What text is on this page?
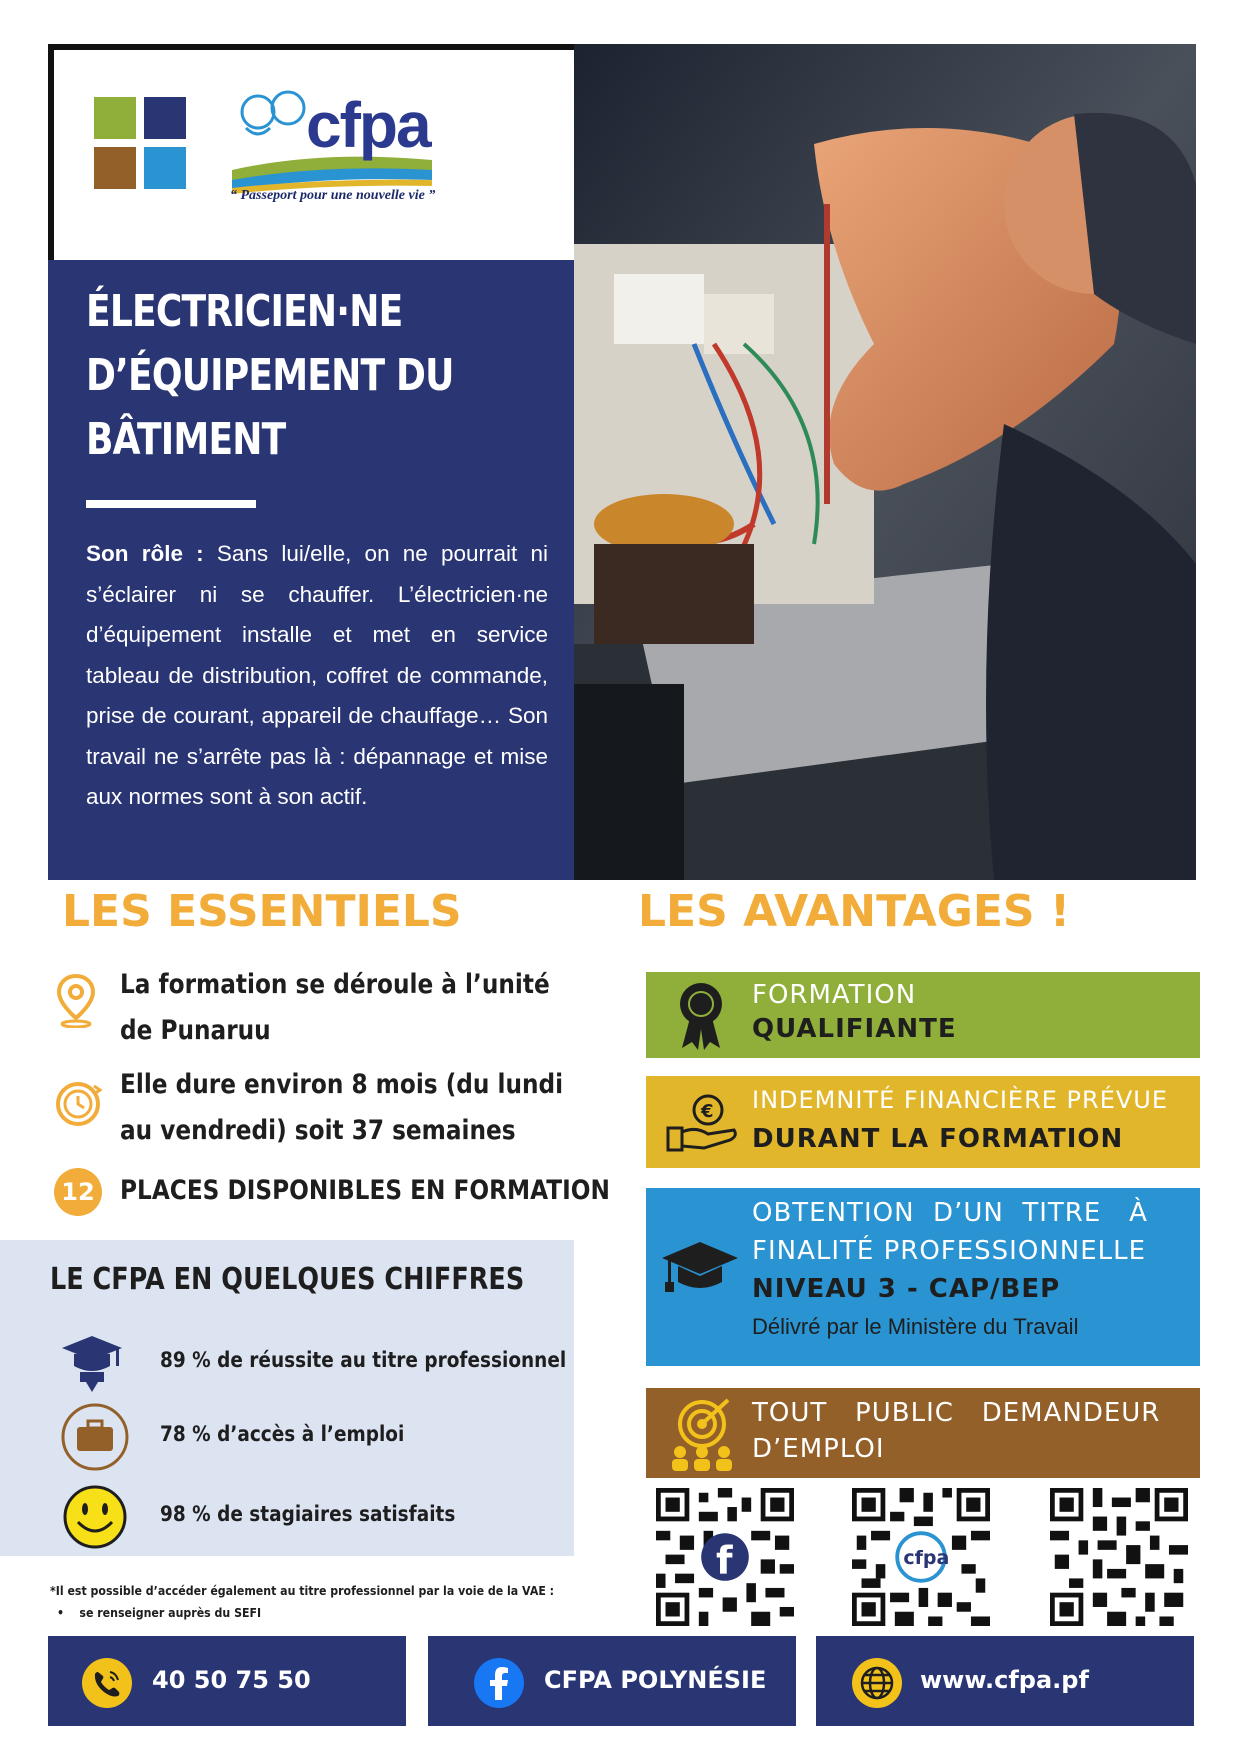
cfpa
“ Passeport pour une nouvelle vie ”
ÉLECTRICIEN·NE
D’ÉQUIPEMENT DU
BÂTIMENT
Son rôle : Sans lui/elle, on ne pourrait ni s’éclairer ni se chauffer. L’électricien·ne d’équipement installe et met en service tableau de distribution, coffret de commande, prise de courant, appareil de chauffage… Son travail ne s’arrête pas là : dépannage et mise aux normes sont à son actif.
LES ESSENTIELS
La formation se déroule à l’unité de Punaruu
Elle dure environ 8 mois (du lundi au vendredi) soit 37 semaines
12 PLACES DISPONIBLES EN FORMATION
LE CFPA EN QUELQUES CHIFFRES
89 % de réussite au titre professionnel
78 % d’accès à l’emploi
98 % de stagiaires satisfaits
*Il est possible d’accéder également au titre professionnel par la voie de la VAE :
•    se renseigner auprès du SEFI
LES AVANTAGES !
FORMATION
QUALIFIANTE
€ INDEMNITÉ FINANCIÈRE PRÉVUE
DURANT LA FORMATION
OBTENTION  D’UN  TITRE   À
FINALITÉ PROFESSIONNELLE
NIVEAU 3 - CAP/BEP
Délivré par le Ministère du Travail
TOUT   PUBLIC   DEMANDEUR
D’EMPLOI
f	cfpa
40 50 75 50	CFPA POLYNÉSIE	www.cfpa.pf
